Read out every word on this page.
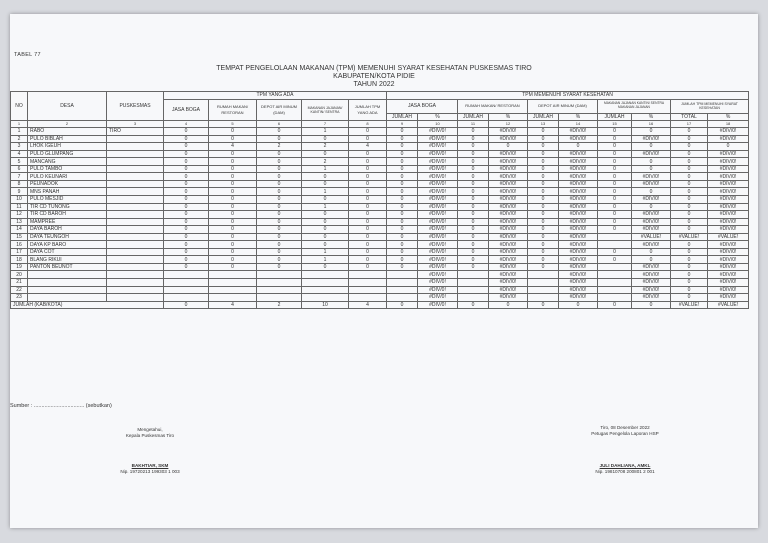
TABEL 77
TEMPAT PENGELOLAAN MAKANAN (TPM) MEMENUHI SYARAT KESEHATAN PUSKESMAS TIRO
KABUPATEN/KOTA PIDIE
TAHUN 2022
NO	DESA	PUSKESMAS	TPM YANG ADA					TPM MEMENUHI SYARAT KESEHATAN									
			JASA BOGA	RUMAH MAKAN/ RESTORAN	DEPOT AIR MINUM (DAM)	MAKANAN JAJANAN/ KANTIN/ SENTRA	JUMLAH TPM YANG ADA	JASA BOGA		RUMAH MAKAN/ RESTORAN		DEPOT AIR MINUM (DAM)		MAKANAN JAJANAN KANTIN/ SENTRA MAKANAN JAJANAN		JUMLAH TPM MEMENUHI SYARAT KESEHATAN	
								JUMLAH	%	JUMLAH	%	JUMLAH	%	JUMLAH	%	TOTAL	%
1	2	3	4	5	6	7	8	9	10	11	12	13	14	15	16	17	18
1	RABO	TIRO	0	0	0	1	0	0	#DIV/0!	0	#DIV/0!	0	#DIV/0!	0	0	0	#DIV/0!
2	PULO BIBLAH		0	0	0	0	0	0	#DIV/0!	0	#DIV/0!	0	#DIV/0!	0	#DIV/0!	0	#DIV/0!
3	LHOK IGEUH		0	4	2	2	4	0	#DIV/0!	0	0	0	0	0	0	0	0
4	PULO GLUMPANG		0	0	0	0	0	0	#DIV/0!	0	#DIV/0!	0	#DIV/0!	0	#DIV/0!	0	#DIV/0!
5	MANCANG		0	0	0	2	0	0	#DIV/0!	0	#DIV/0!	0	#DIV/0!	0	0	0	#DIV/0!
6	PULO TAMBO		0	0	0	1	0	0	#DIV/0!	0	#DIV/0!	0	#DIV/0!	0	0	0	#DIV/0!
7	PULO KEUNARI		0	0	0	0	0	0	#DIV/0!	0	#DIV/0!	0	#DIV/0!	0	#DIV/0!	0	#DIV/0!
8	PEUNADOK		0	0	0	0	0	0	#DIV/0!	0	#DIV/0!	0	#DIV/0!	0	#DIV/0!	0	#DIV/0!
9	MNS PANAH		0	0	0	1	0	0	#DIV/0!	0	#DIV/0!	0	#DIV/0!	0	0	0	#DIV/0!
10	PULO MESJID		0	0	0	0	0	0	#DIV/0!	0	#DIV/0!	0	#DIV/0!	0	#DIV/0!	0	#DIV/0!
11	TIR CD TUNONG		0	0	0	1	0	0	#DIV/0!	0	#DIV/0!	0	#DIV/0!	0	0	0	#DIV/0!
12	TIR CD BAROH		0	0	0	0	0	0	#DIV/0!	0	#DIV/0!	0	#DIV/0!	0	#DIV/0!	0	#DIV/0!
13	MAMPREE		0	0	0	0	0	0	#DIV/0!	0	#DIV/0!	0	#DIV/0!	0	#DIV/0!	0	#DIV/0!
14	DAYA BAROH		0	0	0	0	0	0	#DIV/0!	0	#DIV/0!	0	#DIV/0!	0	#DIV/0!	0	#DIV/0!
15	DAYA TEUNGOH		0	0	0	0	0	0	#DIV/0!	0	#DIV/0!	0	#DIV/0!		#VALUE!	#VALUE!	#VALUE!
16	DAYA KP BARO		0	0	0	0	0	0	#DIV/0!	0	#DIV/0!	0	#DIV/0!		#DIV/0!	0	#DIV/0!
17	DAYA COT		0	0	0	1	0	0	#DIV/0!	0	#DIV/0!	0	#DIV/0!	0	0	0	#DIV/0!
18	BLANG RIKUI		0	0	0	1	0	0	#DIV/0!	0	#DIV/0!	0	#DIV/0!	0	0	0	#DIV/0!
19	PANTON BEUNOT		0	0	0	0	0	0	#DIV/0!	0	#DIV/0!	0	#DIV/0!		#DIV/0!	0	#DIV/0!
20									#DIV/0!		#DIV/0!		#DIV/0!		#DIV/0!	0	#DIV/0!
21									#DIV/0!		#DIV/0!		#DIV/0!		#DIV/0!	0	#DIV/0!
22									#DIV/0!		#DIV/0!		#DIV/0!		#DIV/0!	0	#DIV/0!
23									#DIV/0!		#DIV/0!		#DIV/0!		#DIV/0!	0	#DIV/0!
JUMLAH (KAB/KOTA)			0	4	2	10	4	0	#DIV/0!	0	0	0	0	0	0	#VALUE!	#VALUE!
Sumber : ................................. (sebutkan)
Mengetahui,
Kepala Puskesmas Tiro
BAKHTIAR, SKM
Nip. 19720213 199303 1 003
Tiro, 08 Desember 2022
Petugas Pengelola Laporan HSP
JULI DAHLIANA, AMKL
Nip. 19810708 200801 2 001
